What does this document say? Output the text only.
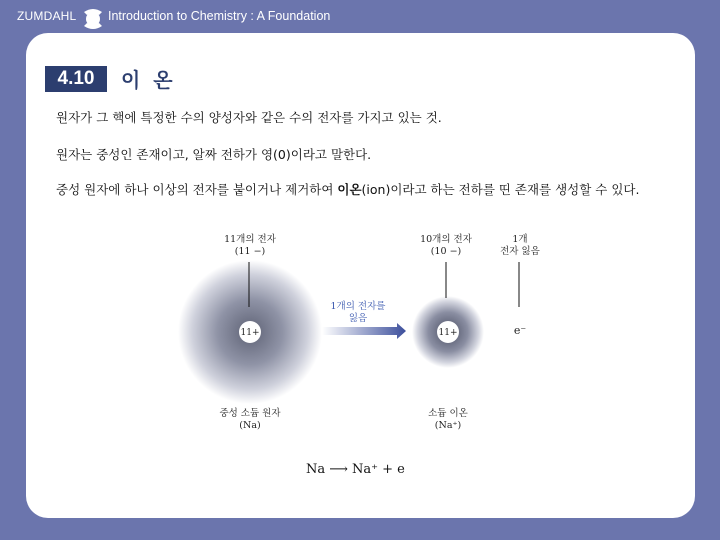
ZUMDAHL	Introduction to Chemistry : A Foundation
4.10	이 온
원자가 그 핵에 특정한 수의 양성자와 같은 수의 전자를 가지고 있는 것.
원자는 중성인 존재이고, 알짜 전하가 영(0)이라고 말한다.
중성 원자에 하나 이상의 전자를 붙이거나 제거하여 이온(ion)이라고 하는 전하를 띤 존재를 생성할 수 있다.
11개의 전자
(11 −)
11+
중성 소듐 원자
(Na)
1개의 전자를
잃음
10개의 전자
(10 −)
11+
소듐 이온
(Na⁺)
1개
전자 잃음
e⁻
Na ⟶ Na⁺ + e
